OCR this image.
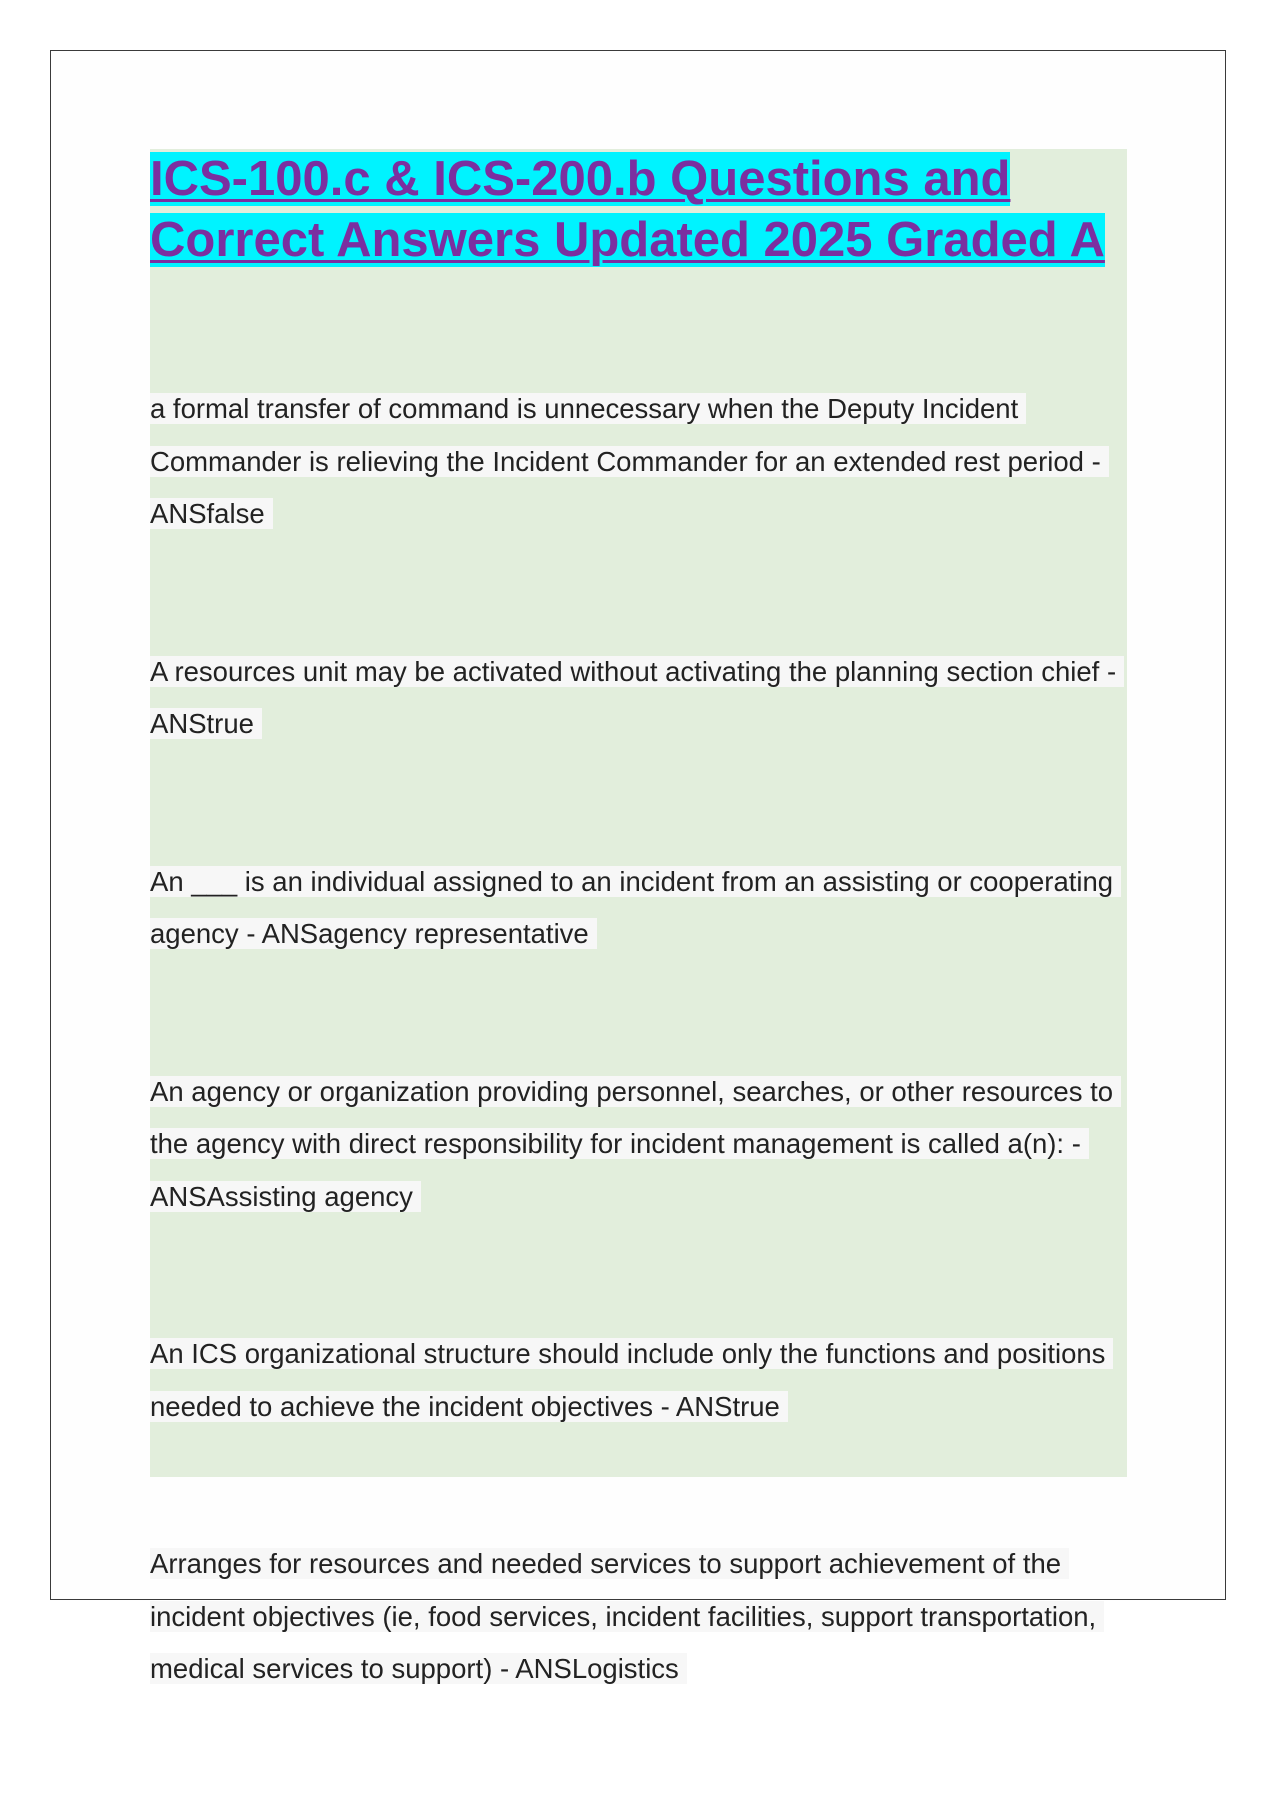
ICS-100.c & ICS-200.b Questions and Correct Answers Updated 2025 Graded A

a formal transfer of command is unnecessary when the Deputy Incident Commander is relieving the Incident Commander for an extended rest period - ANSfalse

A resources unit may be activated without activating the planning section chief - ANStrue

An ___ is an individual assigned to an incident from an assisting or cooperating agency - ANSagency representative

An agency or organization providing personnel, searches, or other resources to the agency with direct responsibility for incident management is called a(n): - ANSAssisting agency

An ICS organizational structure should include only the functions and positions needed to achieve the incident objectives - ANStrue

Arranges for resources and needed services to support achievement of the incident objectives (ie, food services, incident facilities, support transportation, medical services to support) - ANSLogistics
